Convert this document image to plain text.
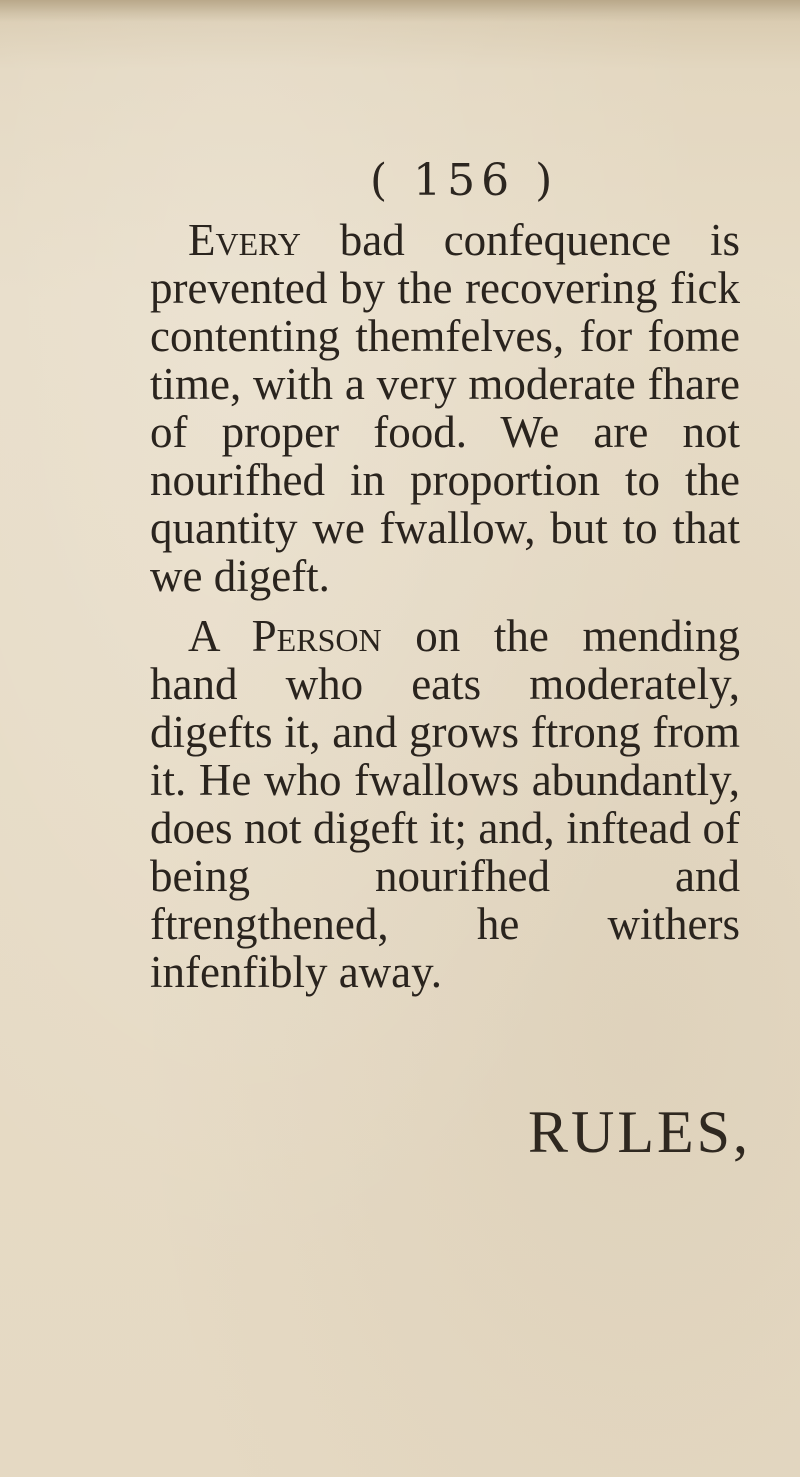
( 156 )

Every bad confequence is prevented by the recovering fick contenting themfelves, for fome time, with a very moderate fhare of proper food. We are not nourifhed in proportion to the quantity we fwallow, but to that we digeft.

A Person on the mending hand who eats moderately, digefts it, and grows ftrong from it. He who fwallows abundantly, does not digeft it; and, inftead of being nourifhed and ftrengthened, he withers infenfibly away.

RULES,
